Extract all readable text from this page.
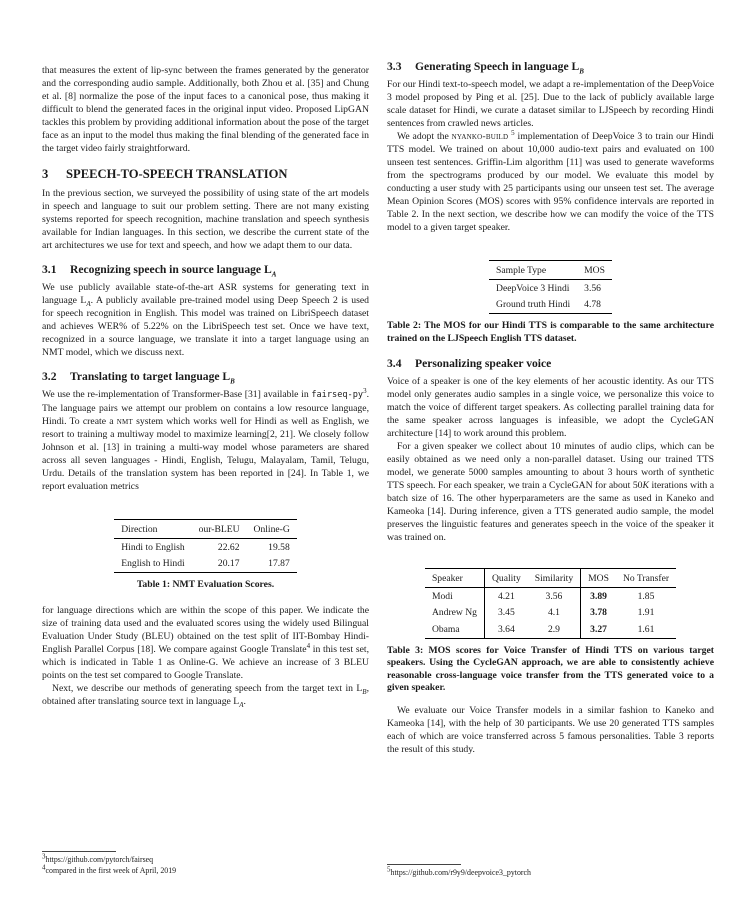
that measures the extent of lip-sync between the frames generated by the generator and the corresponding audio sample. Additionally, both Zhou et al. [35] and Chung et al. [8] normalize the pose of the input faces to a canonical pose, thus making it difficult to blend the generated faces in the original input video. Proposed LipGAN tackles this problem by providing additional information about the pose of the target face as an input to the model thus making the final blending of the generated face in the target video fairly straightforward.

3 SPEECH-TO-SPEECH TRANSLATION

In the previous section, we surveyed the possibility of using state of the art models in speech and language to suit our problem setting. There are not many existing systems reported for speech recognition, machine translation and speech synthesis available for Indian languages. In this section, we describe the current state of the art architectures we use for text and speech, and how we adapt them to our data.

3.1 Recognizing speech in source language $L_A$

We use publicly available state-of-the-art ASR systems for generating text in language $L_A$. A publicly available pre-trained model using Deep Speech 2 is used for speech recognition in English. This model was trained on LibriSpeech dataset and achieves WER% of 5.22% on the LibriSpeech test set. Once we have text, recognized in a source language, we translate it into a target language using an NMT model, which we discuss next.

3.2 Translating to target language $L_B$

We use the re-implementation of Transformer-Base [31] available in fairseq-$py^3$. The language pairs we attempt our problem on contains a low resource language, Hindi. To create a nmt system which works well for Hindi as well as English, we resort to training a multiway model to maximize learning[2, 21]. We closely follow Johnson et al. [13] in training a multi-way model whose parameters are shared across all seven languages - Hindi, English, Telugu, Malayalam, Tamil, Telugu, Urdu. Details of the translation system has been reported in [24]. In Table 1, we report evaluation metrics

Direction	our-BLEU	Online-G
Hindi to English	22.62	19.58
English to Hindi	20.17	17.87
Table 1: NMT Evaluation Scores.

for language directions which are within the scope of this paper. We indicate the size of training data used and the evaluated scores using the widely used Bilingual Evaluation Under Study (BLEU) obtained on the test split of IIT-Bombay Hindi-English Parallel Corpus [18]. We compare against Google Translate$^4$ in this test set, which is indicated in Table 1 as Online-G. We achieve an increase of 3 BLEU points on the test set compared to Google Translate.

Next, we describe our methods of generating speech from the target text in $L_B$, obtained after translating source text in language $L_A$.

3.3 Generating Speech in language $L_B$

For our Hindi text-to-speech model, we adapt a re-implementation of the DeepVoice 3 model proposed by Ping et al. [25]. Due to the lack of publicly available large scale dataset for Hindi, we curate a dataset similar to LJSpeech by recording Hindi sentences from crawled news articles.

We adopt the nyanko-build $^5$ implementation of DeepVoice 3 to train our Hindi TTS model. We trained on about 10,000 audio-text pairs and evaluated on 100 unseen test sentences. Griffin-Lim algorithm [11] was used to generate waveforms from the spectrograms produced by our model. We evaluate this model by conducting a user study with 25 participants using our unseen test set. The average Mean Opinion Scores (MOS) scores with 95% confidence intervals are reported in Table 2. In the next section, we describe how we can modify the voice of the TTS model to a given target speaker.

Sample Type	MOS
DeepVoice 3 Hindi	3.56
Ground truth Hindi	4.78
Table 2: The MOS for our Hindi TTS is comparable to the same architecture trained on the LJSpeech English TTS dataset.
3.4 Personalizing speaker voice

Voice of a speaker is one of the key elements of her acoustic identity. As our TTS model only generates audio samples in a single voice, we personalize this voice to match the voice of different target speakers. As collecting parallel training data for the same speaker across languages is infeasible, we adopt the CycleGAN architecture [14] to work around this problem.

For a given speaker we collect about 10 minutes of audio clips, which can be easily obtained as we need only a non-parallel dataset. Using our trained TTS model, we generate 5000 samples amounting to about 3 hours worth of synthetic TTS speech. For each speaker, we train a CycleGAN for about 50K iterations with a batch size of 16. The other hyperparameters are the same as used in Kaneko and Kameoka [14]. During inference, given a TTS generated audio sample, the model preserves the linguistic features and generates speech in the voice of the speaker it was trained on.

Speaker	Quality	Similarity	MOS	No Transfer
Modi	4.21	3.56	3.89	1.85
Andrew Ng	3.45	4.1	3.78	1.91
Obama	3.64	2.9	3.27	1.61
Table 3: MOS scores for Voice Transfer of Hindi TTS on various target speakers. Using the CycleGAN approach, we are able to consistently achieve reasonable cross-language voice transfer from the TTS generated voice to a given speaker.

We evaluate our Voice Transfer models in a similar fashion to Kaneko and Kameoka [14], with the help of 30 participants. We use 20 generated TTS samples each of which are voice transferred across 5 famous personalities. Table 3 reports the result of this study.

$^3$https://github.com/pytorch/fairseq
$^4$compared in the first week of April, 2019	$^5$https://github.com/r9y9/deepvoice3_pytorch
